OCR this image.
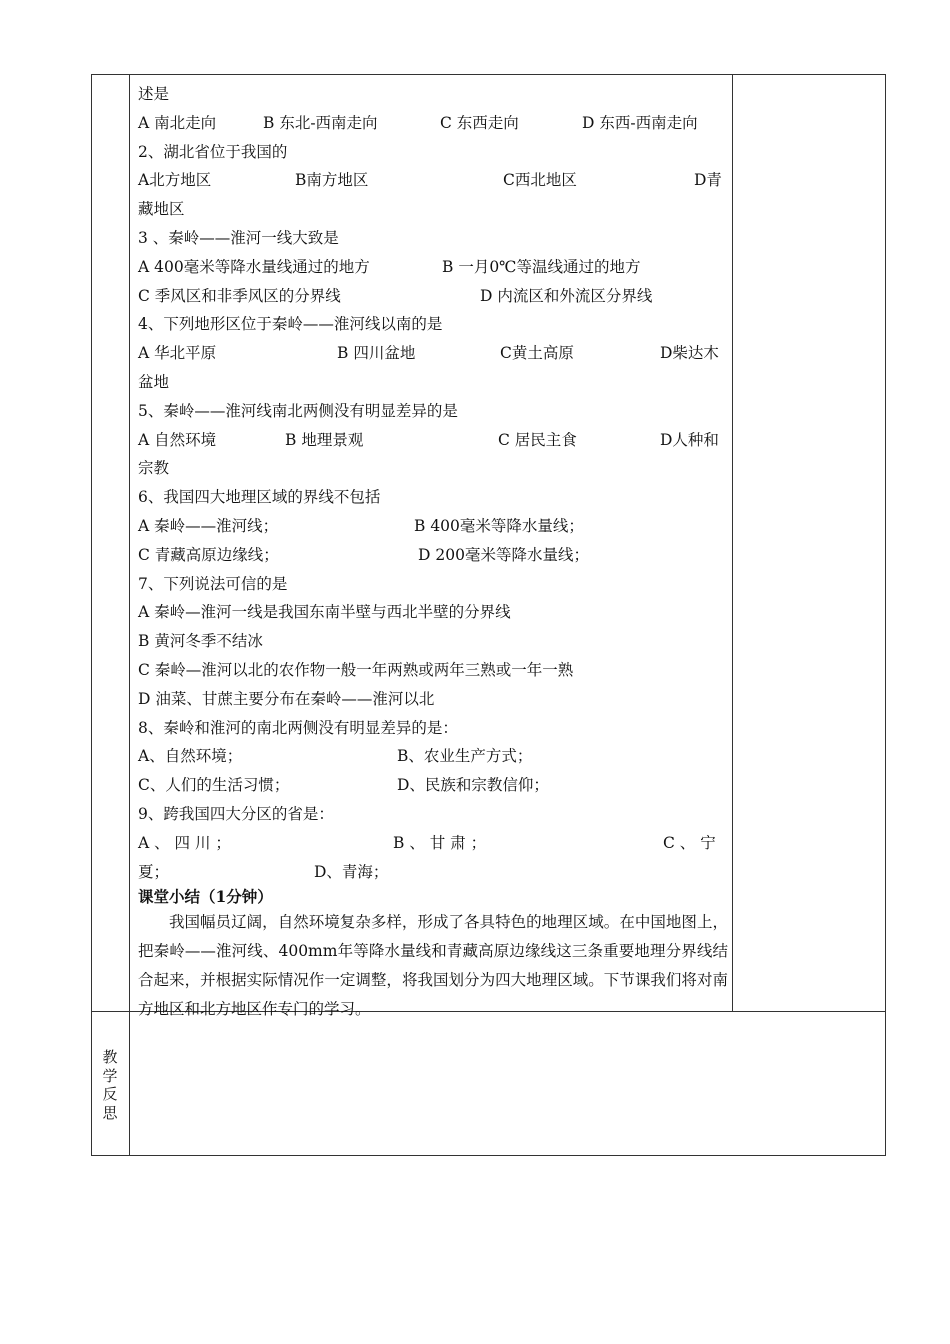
述是
A 南北走向	B 东北-西南走向	C 东西走向	D 东西-西南走向
2、湖北省位于我国的
A北方地区	B南方地区	C西北地区	D青
藏地区
3 、秦岭——淮河一线大致是
A 400毫米等降水量线通过的地方	B 一月0℃等温线通过的地方
C 季风区和非季风区的分界线	D 内流区和外流区分界线
4、下列地形区位于秦岭——淮河线以南的是
A 华北平原	B 四川盆地	C黄土高原	D柴达木
盆地
5、秦岭——淮河线南北两侧没有明显差异的是
A 自然环境	B 地理景观	C 居民主食	D人种和
宗教
6、我国四大地理区域的界线不包括
A 秦岭——淮河线；	B 400毫米等降水量线；
C 青藏高原边缘线；	D 200毫米等降水量线；
7、下列说法可信的是
A 秦岭—淮河一线是我国东南半壁与西北半壁的分界线
B 黄河冬季不结冰
C 秦岭—淮河以北的农作物一般一年两熟或两年三熟或一年一熟
D 油菜、甘蔗主要分布在秦岭——淮河以北
8、秦岭和淮河的南北两侧没有明显差异的是：
A、自然环境；	B、农业生产方式；
C、人们的生活习惯；	D、民族和宗教信仰；
9、跨我国四大分区的省是：
A 、 四 川 ；	B 、 甘 肃 ；	C 、 宁
夏；	D、青海；
课堂小结（1分钟）
我国幅员辽阔，自然环境复杂多样，形成了各具特色的地理区域。在中国地图上，把秦岭——淮河线、400mm年等降水量线和青藏高原边缘线这三条重要地理分界线结合起来，并根据实际情况作一定调整，将我国划分为四大地理区域。下节课我们将对南方地区和北方地区作专门的学习。
教
学
反
思
